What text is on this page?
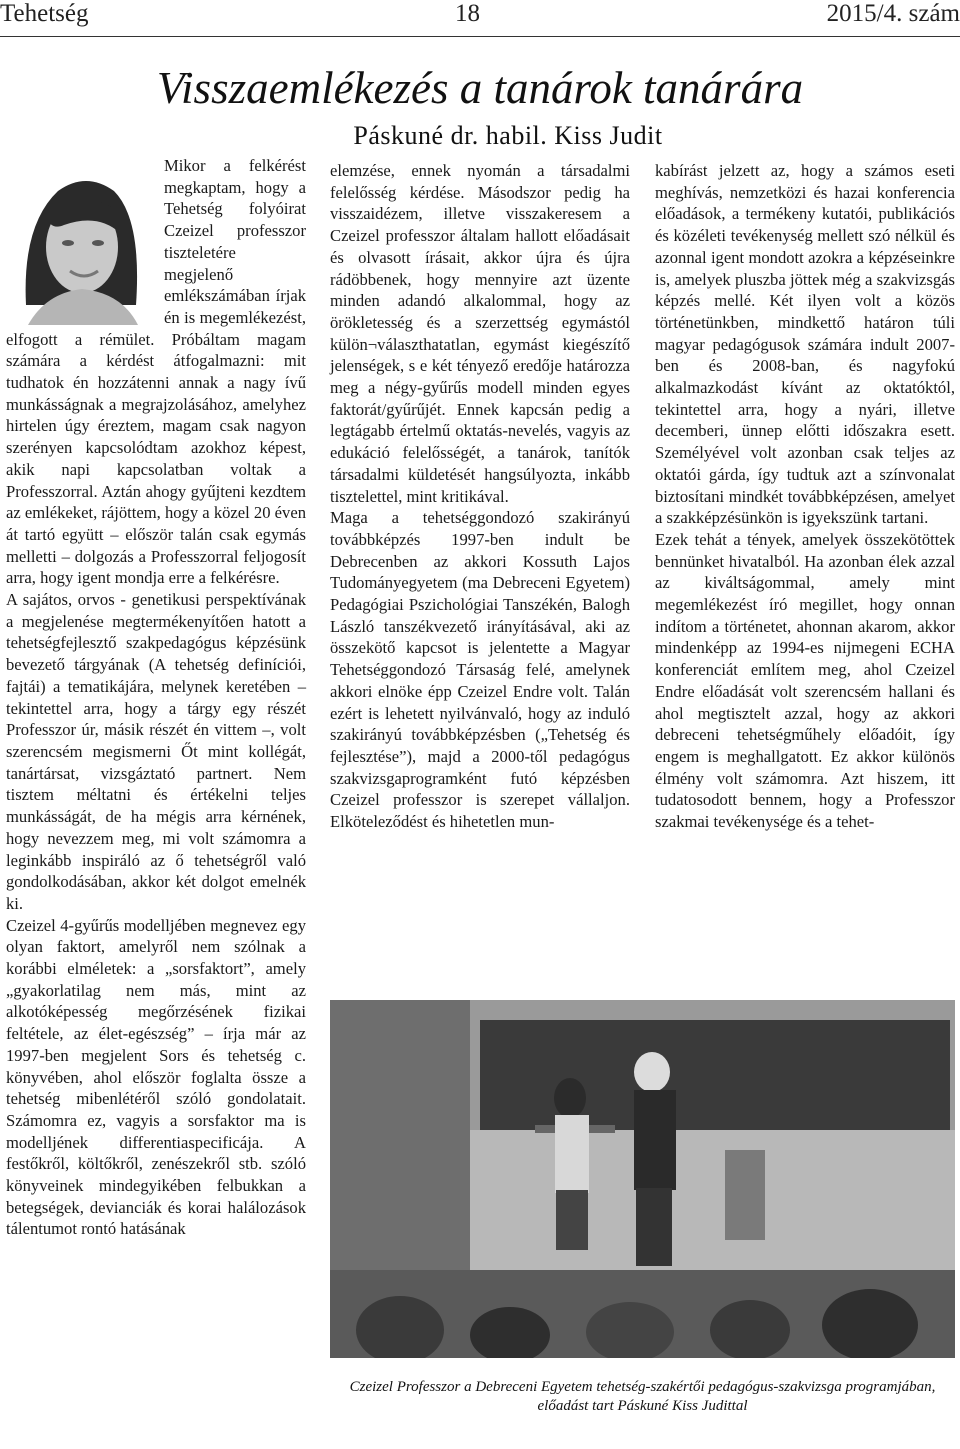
Tehetség	18	2015/4. szám
Visszaemlékezés a tanárok tanárára
Páskuné dr. habil. Kiss Judit

Mikor a felkérést megkaptam, hogy a Tehetség folyóirat Czeizel professzor tiszteletére megjelenő emlékszámában írjak én is megemlékezést, elfogott a rémület. Próbáltam magam számára a kérdést átfogalmazni: mit tudhatok én hozzátenni annak a nagy ívű munkásságnak a megrajzolásához, amelyhez hirtelen úgy éreztem, magam csak nagyon szerényen kapcsolódtam azokhoz képest, akik napi kapcsolatban voltak a Professzorral. Aztán ahogy gyűjteni kezdtem az emlékeket, rájöttem, hogy a közel 20 éven át tartó együtt – először talán csak egymás melletti – dolgozás a Professzorral feljogosít arra, hogy igent mondja erre a felkérésre.

A sajátos, orvos - genetikusi perspektívának a megjelenése megtermékenyítően hatott a tehetségfejlesztő szakpedagógus képzésünk bevezető tárgyának (A tehetség definíciói, fajtái) a tematikájára, melynek keretében – tekintettel arra, hogy a tárgy egy részét Professzor úr, másik részét én vittem –, volt szerencsém megismerni Őt mint kollégát, tanártársat, vizsgáztató partnert. Nem tisztem méltatni és értékelni teljes munkásságát, de ha mégis arra kérnének, hogy nevezzem meg, mi volt számomra a leginkább inspiráló az ő tehetségről való gondolkodásában, akkor két dolgot emelnék ki.

Czeizel 4-gyűrűs modelljében megnevez egy olyan faktort, amelyről nem szólnak a korábbi elméletek: a „sorsfaktort”, amely „gyakorlatilag nem más, mint az alkotóképesség megőrzésének fizikai feltétele, az élet-egészség” – írja már az 1997-ben megjelent Sors és tehetség c. könyvében, ahol először foglalta össze a tehetség mibenlétéről szóló gondolatait. Számomra ez, vagyis a sorsfaktor ma is modelljének differentiaspecificája. A festőkről, költőkről, zenészekről stb. szóló könyveinek mindegyikében felbukkan a betegségek, devianciák és korai halálozások tálentumot rontó hatásának

elemzése, ennek nyomán a társadalmi felelősség kérdése. Másodszor pedig ha visszaidézem, illetve visszakeresem a Czeizel professzor általam hallott előadásait és olvasott írásait, akkor újra és újra rádöbbenek, hogy mennyire azt üzente minden adandó alkalommal, hogy az örökletesség és a szerzettség egymástól külön¬választhatatlan, egymást kiegészítő jelenségek, s e két tényező eredője határozza meg a négy-gyűrűs modell minden egyes faktorát/gyűrűjét. Ennek kapcsán pedig a legtágabb értelmű oktatás-nevelés, vagyis az edukáció felelősségét, a tanárok, tanítók társadalmi küldetését hangsúlyozta, inkább tisztelettel, mint kritikával.

Maga a tehetséggondozó szakirányú továbbképzés 1997-ben indult be Debrecenben az akkori Kossuth Lajos Tudományegyetem (ma Debreceni Egyetem) Pedagógiai Pszichológiai Tanszékén, Balogh László tanszékvezető irányításával, aki az összekötő kapcsot is jelentette a Magyar Tehetséggondozó Társaság felé, amelynek akkori elnöke épp Czeizel Endre volt. Talán ezért is lehetett nyilvánvaló, hogy az induló szakirányú továbbképzésben („Tehetség és fejlesztése”), majd a 2000-től pedagógus szakvizsgaprogramként futó képzésben Czeizel professzor is szerepet vállaljon. Elköteleződést és hihetetlen mun-

kabírást jelzett az, hogy a számos eseti meghívás, nemzetközi és hazai konferencia előadások, a termékeny kutatói, publikációs és közéleti tevékenység mellett szó nélkül és azonnal igent mondott azokra a képzéseinkre is, amelyek pluszba jöttek még a szakvizsgás képzés mellé. Két ilyen volt a közös történetünkben, mindkettő határon túli magyar pedagógusok számára indult 2007-ben és 2008-ban, és nagyfokú alkalmazkodást kívánt az oktatóktól, tekintettel arra, hogy a nyári, illetve decemberi, ünnep előtti időszakra esett. Személyével volt azonban csak teljes az oktatói gárda, így tudtuk azt a színvonalat biztosítani mindkét továbbképzésen, amelyet a szakképzésünkön is igyekszünk tartani.

Ezek tehát a tények, amelyek összekötöttek bennünket hivatalból. Ha azonban élek azzal az kiváltságommal, amely mint megemlékezést író megillet, hogy onnan indítom a történetet, ahonnan akarom, akkor mindenképp az 1994-es nijmegeni ECHA konferenciát említem meg, ahol Czeizel Endre előadását volt szerencsém hallani és ahol megtisztelt azzal, hogy az akkori debreceni tehetségműhely előadóit, így engem is meghallgatott. Ez akkor különös élmény volt számomra. Azt hiszem, itt tudatosodott bennem, hogy a Professzor szakmai tevékenysége és a tehet-

Czeizel Professzor a Debreceni Egyetem tehetség-szakértői pedagógus-szakvizsga programjában, előadást tart Páskuné Kiss Judittal
